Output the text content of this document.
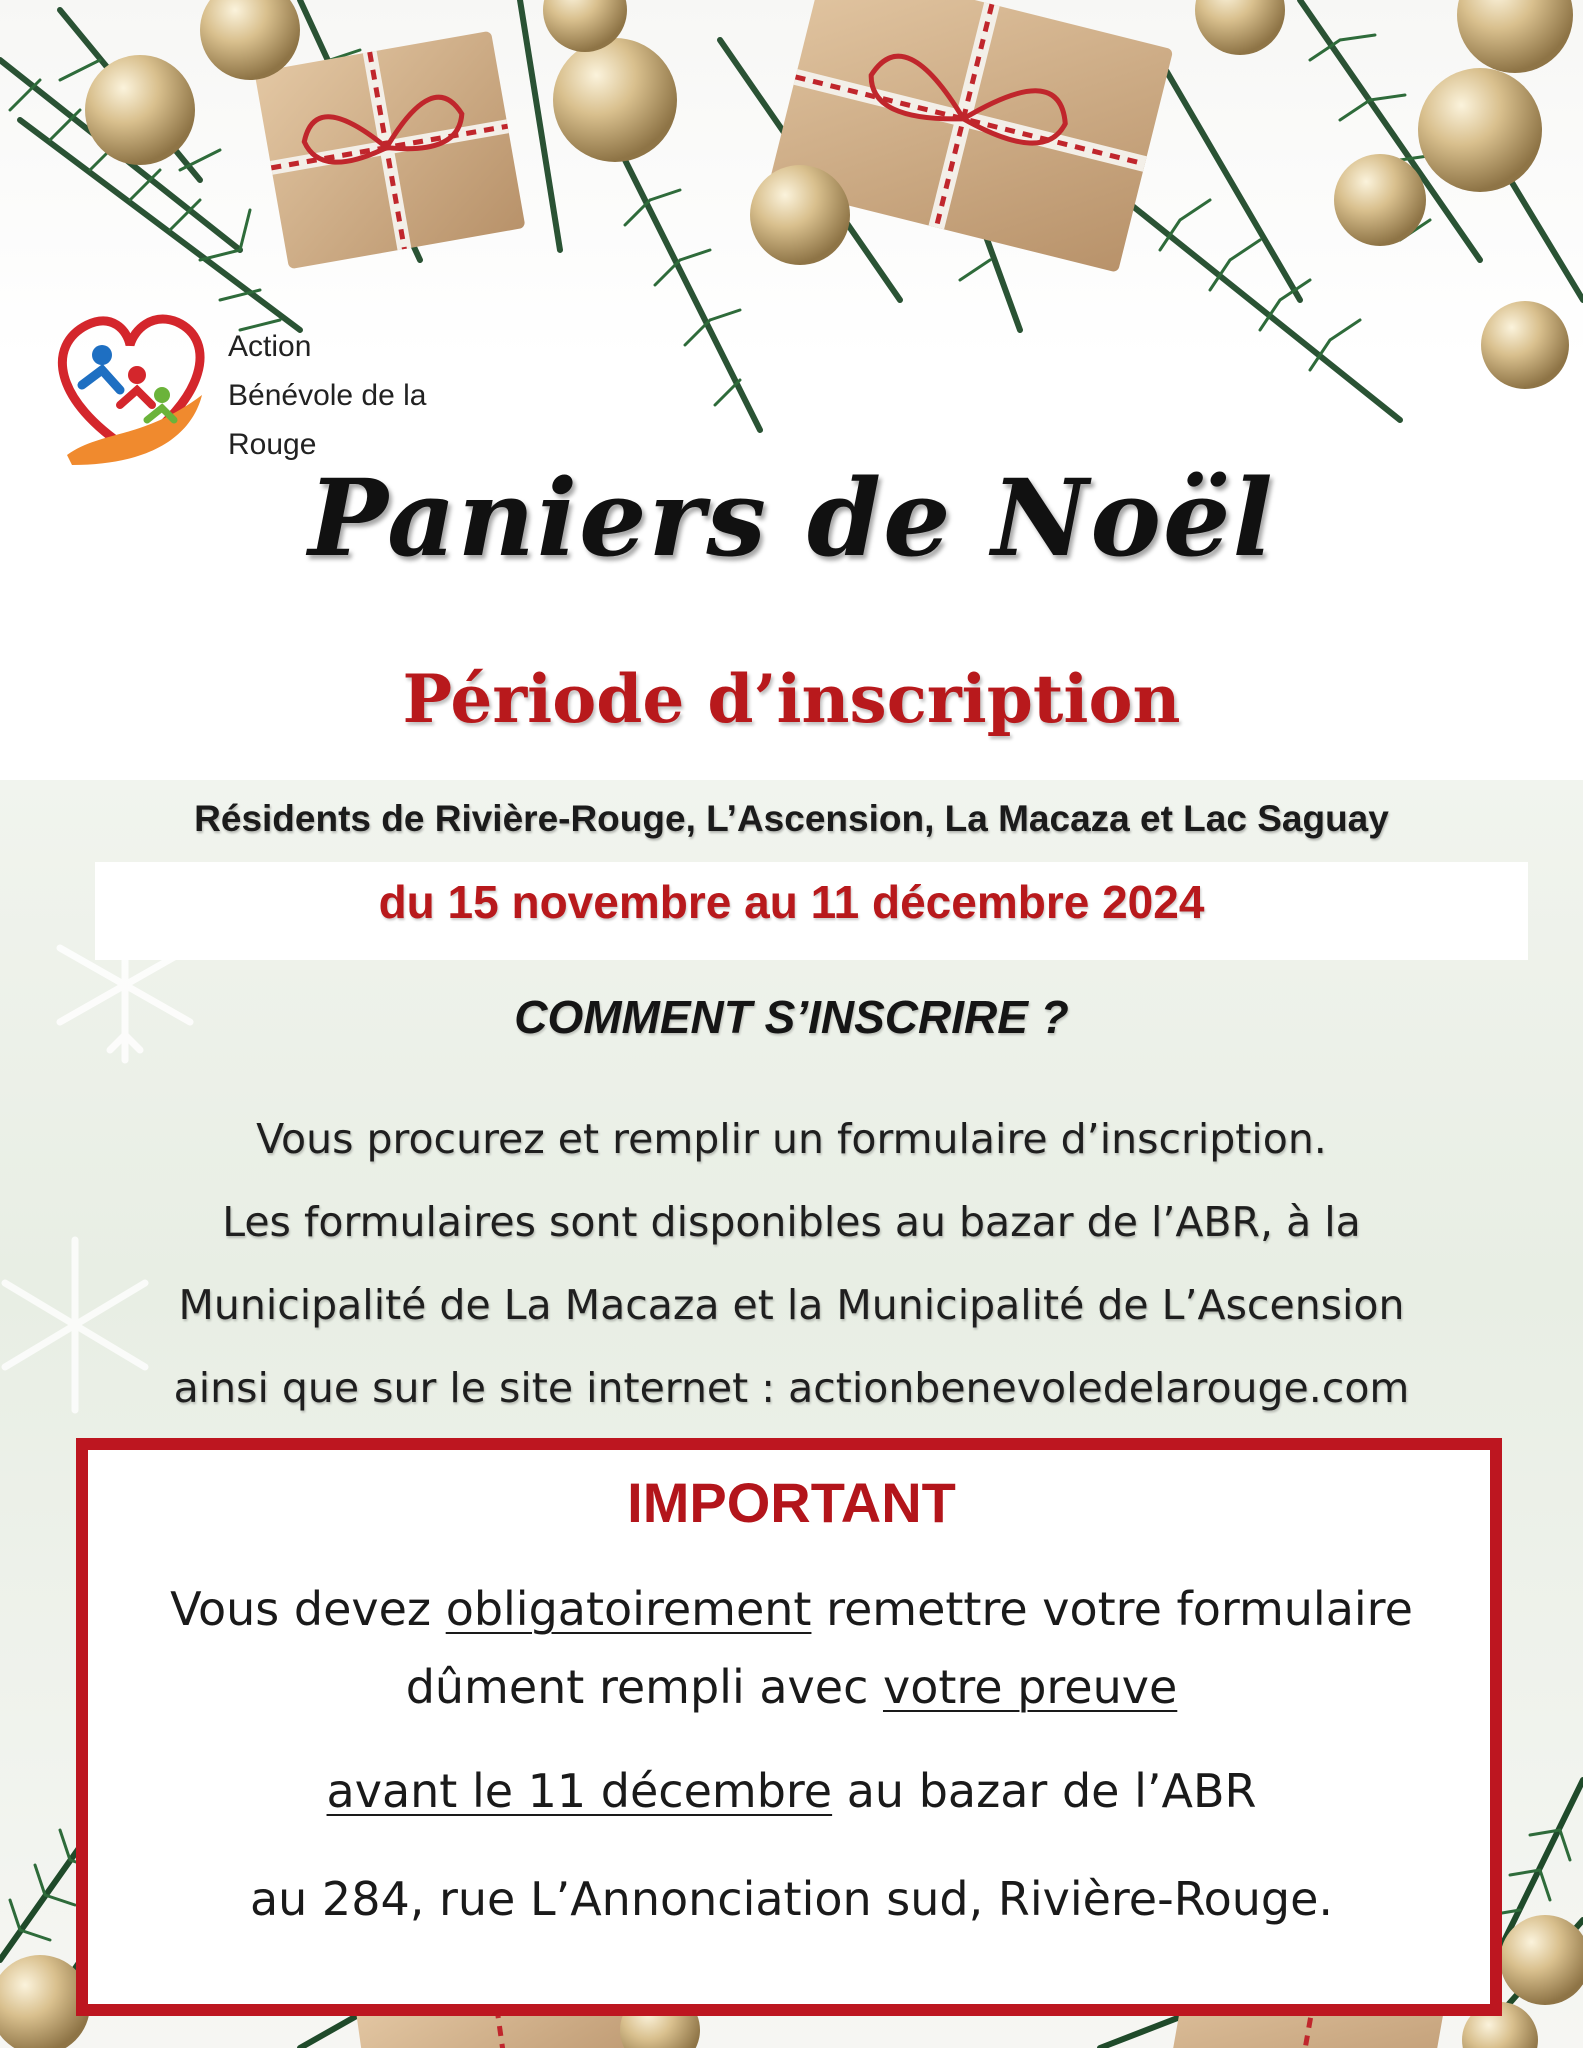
Action
Bénévole de la
Rouge
Paniers de Noël
Période d’inscription
Résidents de Rivière-Rouge, L’Ascension, La Macaza et Lac Saguay
du 15 novembre au 11 décembre 2024
COMMENT S’INSCRIRE ?
Vous procurez et remplir un formulaire d’inscription.
Les formulaires sont disponibles au bazar de l’ABR, à la
Municipalité de La Macaza et la Municipalité de L’Ascension
ainsi que sur le site internet : actionbenevoledelarouge.com
IMPORTANT
Vous devez obligatoirement remettre votre formulaire
dûment rempli avec votre preuve
avant le 11 décembre au bazar de l’ABR
au 284, rue L’Annonciation sud, Rivière-Rouge.
